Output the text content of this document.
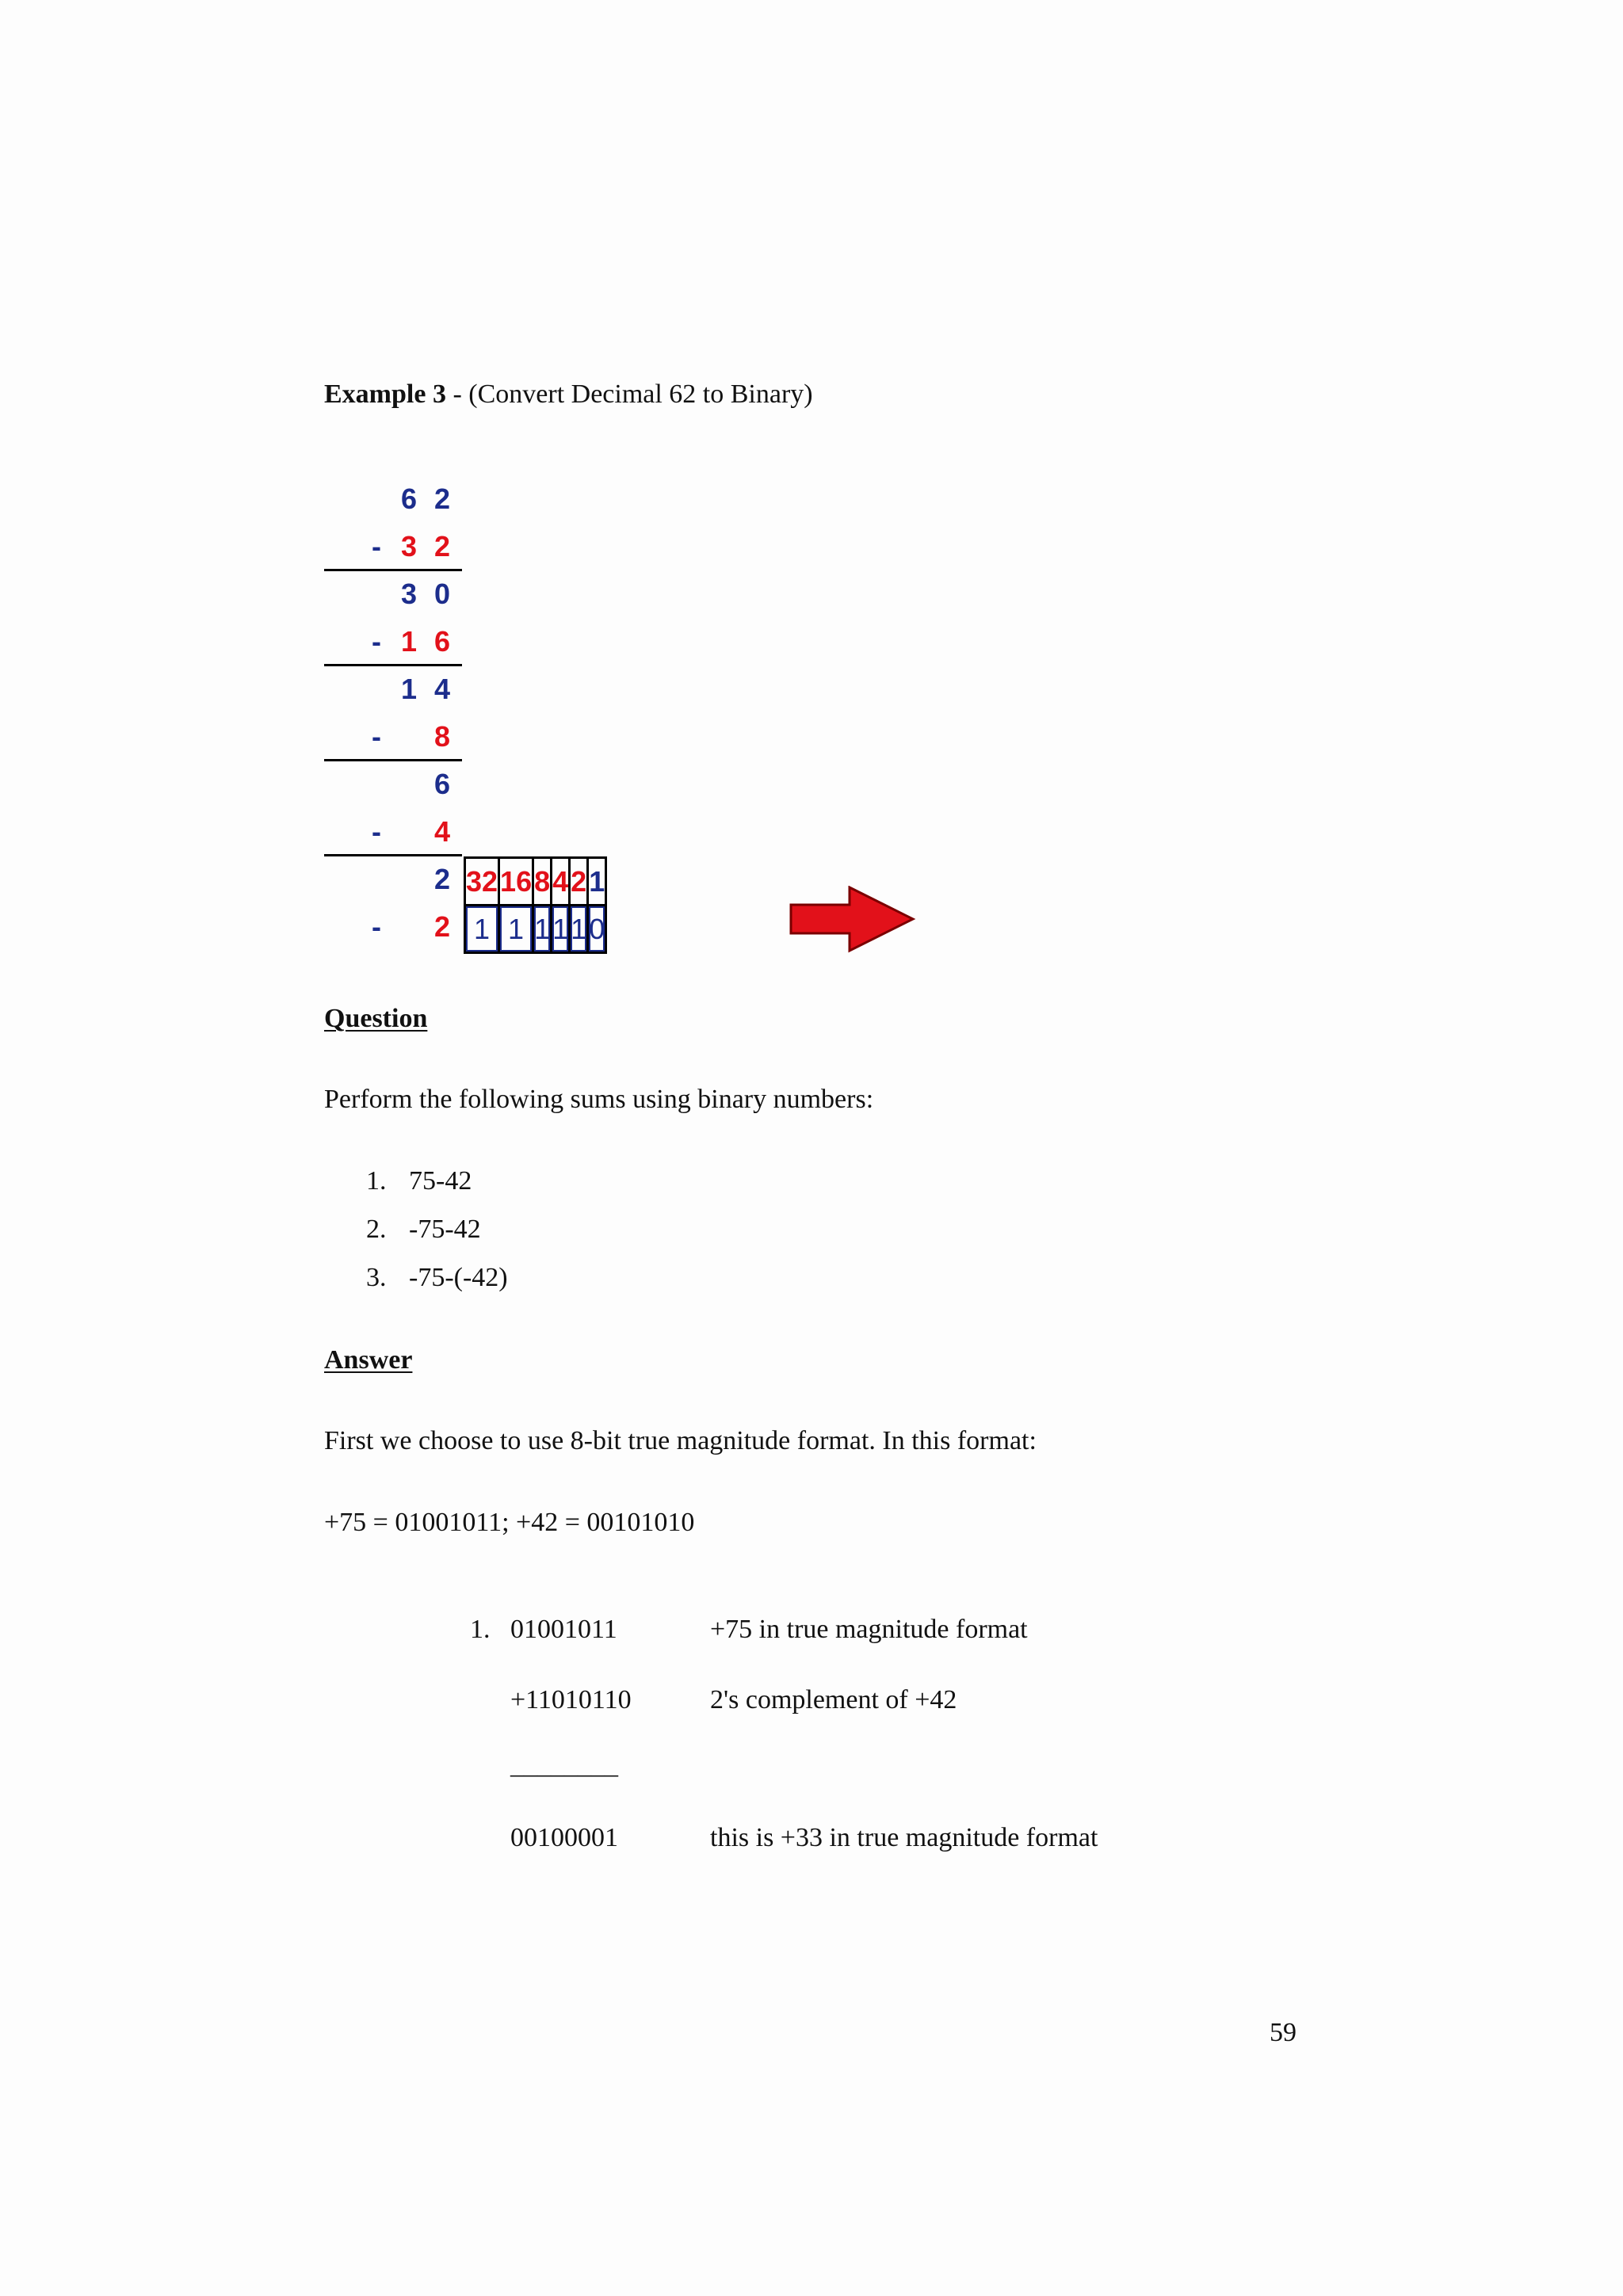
Example 3 - (Convert Decimal 62 to Binary)
6 2
- 3 2
3 0
- 1 6
1 4
- 8
6
- 4
2
- 2
32	16	8	4	2	1
1	1	1	1	1	0
Question
Perform the following sums using binary numbers:
1. 75-42
2. -75-42
3. -75-(-42)
Answer
First we choose to use 8-bit true magnitude format. In this format:
+75 = 01001011; +42 = 00101010
1. 01001011	+75 in true magnitude format
+11010110	2's complement of +42
________
00100001	this is +33 in true magnitude format
59
